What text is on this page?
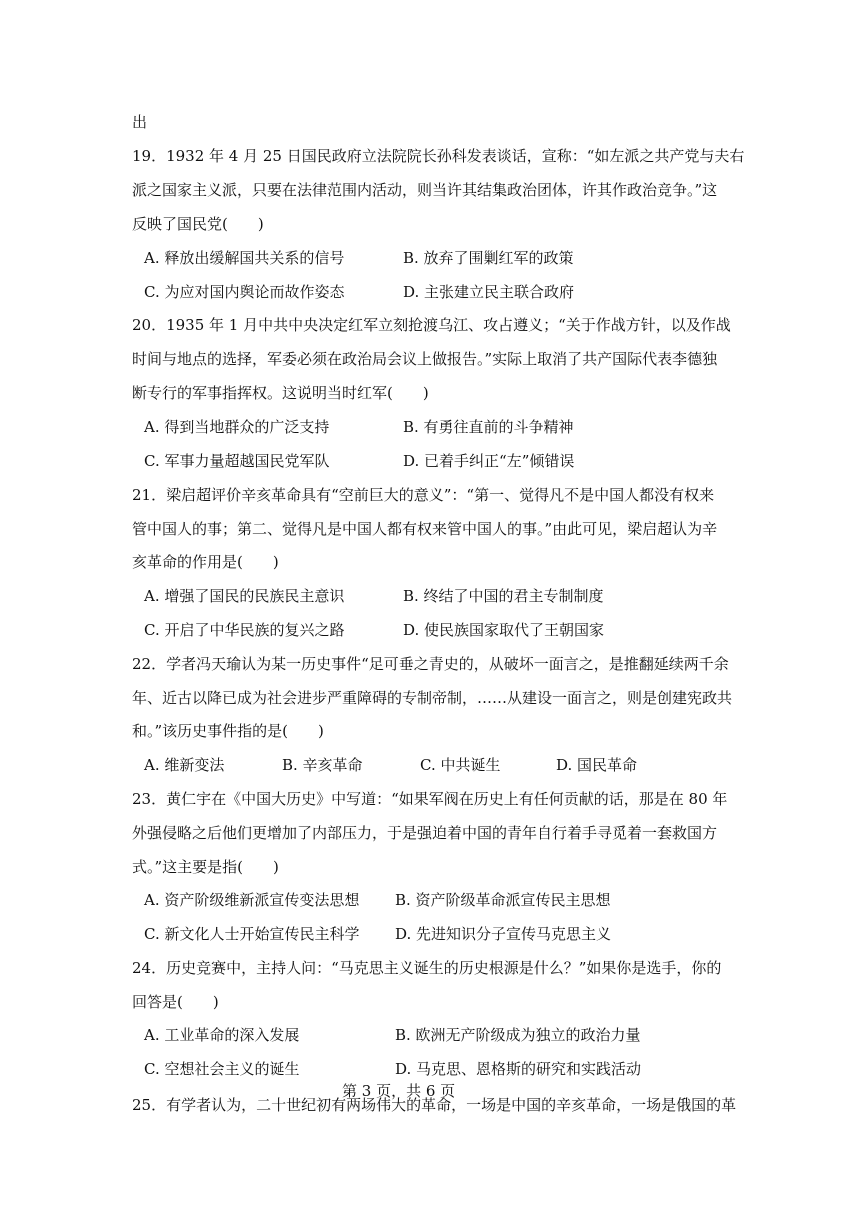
出
19．1932 年 4 月 25 日国民政府立法院院长孙科发表谈话，宣称：“如左派之共产党与夫右
派之国家主义派，只要在法律范围内活动，则当许其结集政治团体，许其作政治竞争。”这
反映了国民党(　　)
A. 释放出缓解国共关系的信号	B. 放弃了围剿红军的政策
C. 为应对国内舆论而故作姿态	D. 主张建立民主联合政府
20．1935 年 1 月中共中央决定红军立刻抢渡乌江、攻占遵义；“关于作战方针，以及作战
时间与地点的选择，军委必须在政治局会议上做报告。”实际上取消了共产国际代表李德独
断专行的军事指挥权。这说明当时红军(　　)
A. 得到当地群众的广泛支持	B. 有勇往直前的斗争精神
C. 军事力量超越国民党军队	D. 已着手纠正“左”倾错误
21．梁启超评价辛亥革命具有“空前巨大的意义”：“第一、觉得凡不是中国人都没有权来
管中国人的事；第二、觉得凡是中国人都有权来管中国人的事。”由此可见，梁启超认为辛
亥革命的作用是(　　)
A. 增强了国民的民族民主意识	B. 终结了中国的君主专制制度
C. 开启了中华民族的复兴之路	D. 使民族国家取代了王朝国家
22．学者冯天瑜认为某一历史事件“足可垂之青史的，从破坏一面言之，是推翻延续两千余
年、近古以降已成为社会进步严重障碍的专制帝制，……从建设一面言之，则是创建宪政共
和。”该历史事件指的是(　　)
A. 维新变法	B. 辛亥革命	C. 中共诞生	D. 国民革命
23．黄仁宇在《中国大历史》中写道：“如果军阀在历史上有任何贡献的话，那是在 80 年
外强侵略之后他们更增加了内部压力，于是强迫着中国的青年自行着手寻觅着一套救国方
式。”这主要是指(　　)
A. 资产阶级维新派宣传变法思想 B. 资产阶级革命派宣传民主思想
C. 新文化人士开始宣传民主科学 D. 先进知识分子宣传马克思主义
24．历史竞赛中，主持人问：“马克思主义诞生的历史根源是什么？”如果你是选手，你的
回答是(　　)
A. 工业革命的深入发展	B. 欧洲无产阶级成为独立的政治力量
C. 空想社会主义的诞生	D. 马克思、恩格斯的研究和实践活动
25．有学者认为，二十世纪初有两场伟大的革命，一场是中国的辛亥革命，一场是俄国的革
第 3 页，共 6 页
